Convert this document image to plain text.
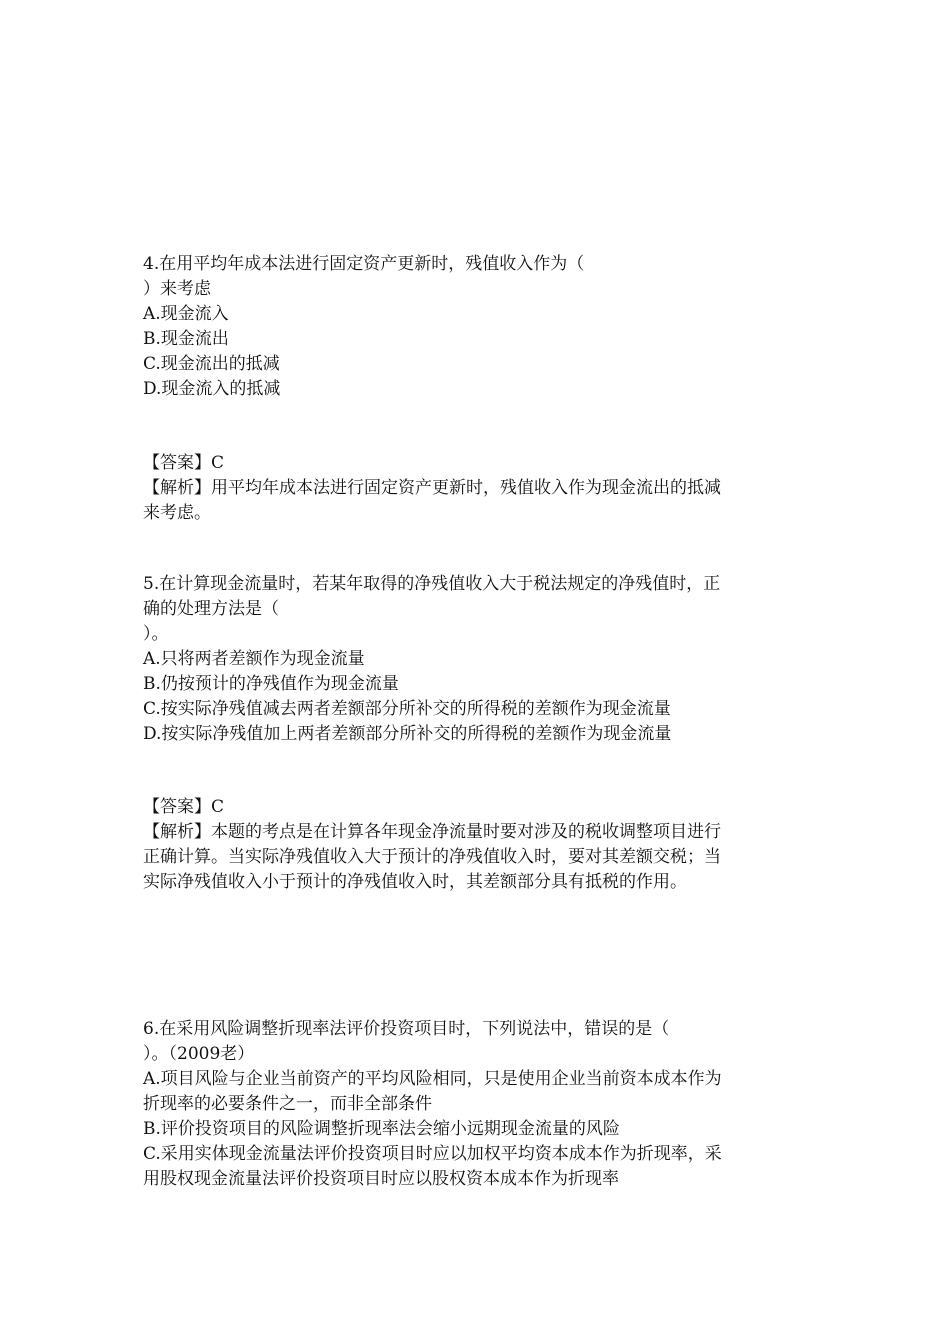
4.在用平均年成本法进行固定资产更新时，残值收入作为（
）来考虑
A.现金流入
B.现金流出
C.现金流出的抵减
D.现金流入的抵减
【答案】C
【解析】用平均年成本法进行固定资产更新时，残值收入作为现金流出的抵减
来考虑。
5.在计算现金流量时，若某年取得的净残值收入大于税法规定的净残值时，正
确的处理方法是（
）。
A.只将两者差额作为现金流量
B.仍按预计的净残值作为现金流量
C.按实际净残值减去两者差额部分所补交的所得税的差额作为现金流量
D.按实际净残值加上两者差额部分所补交的所得税的差额作为现金流量
【答案】C
【解析】本题的考点是在计算各年现金净流量时要对涉及的税收调整项目进行
正确计算。当实际净残值收入大于预计的净残值收入时，要对其差额交税；当
实际净残值收入小于预计的净残值收入时，其差额部分具有抵税的作用。
6.在采用风险调整折现率法评价投资项目时，下列说法中，错误的是（
）。（2009老）
A.项目风险与企业当前资产的平均风险相同，只是使用企业当前资本成本作为
折现率的必要条件之一，而非全部条件
B.评价投资项目的风险调整折现率法会缩小远期现金流量的风险
C.采用实体现金流量法评价投资项目时应以加权平均资本成本作为折现率，采
用股权现金流量法评价投资项目时应以股权资本成本作为折现率
